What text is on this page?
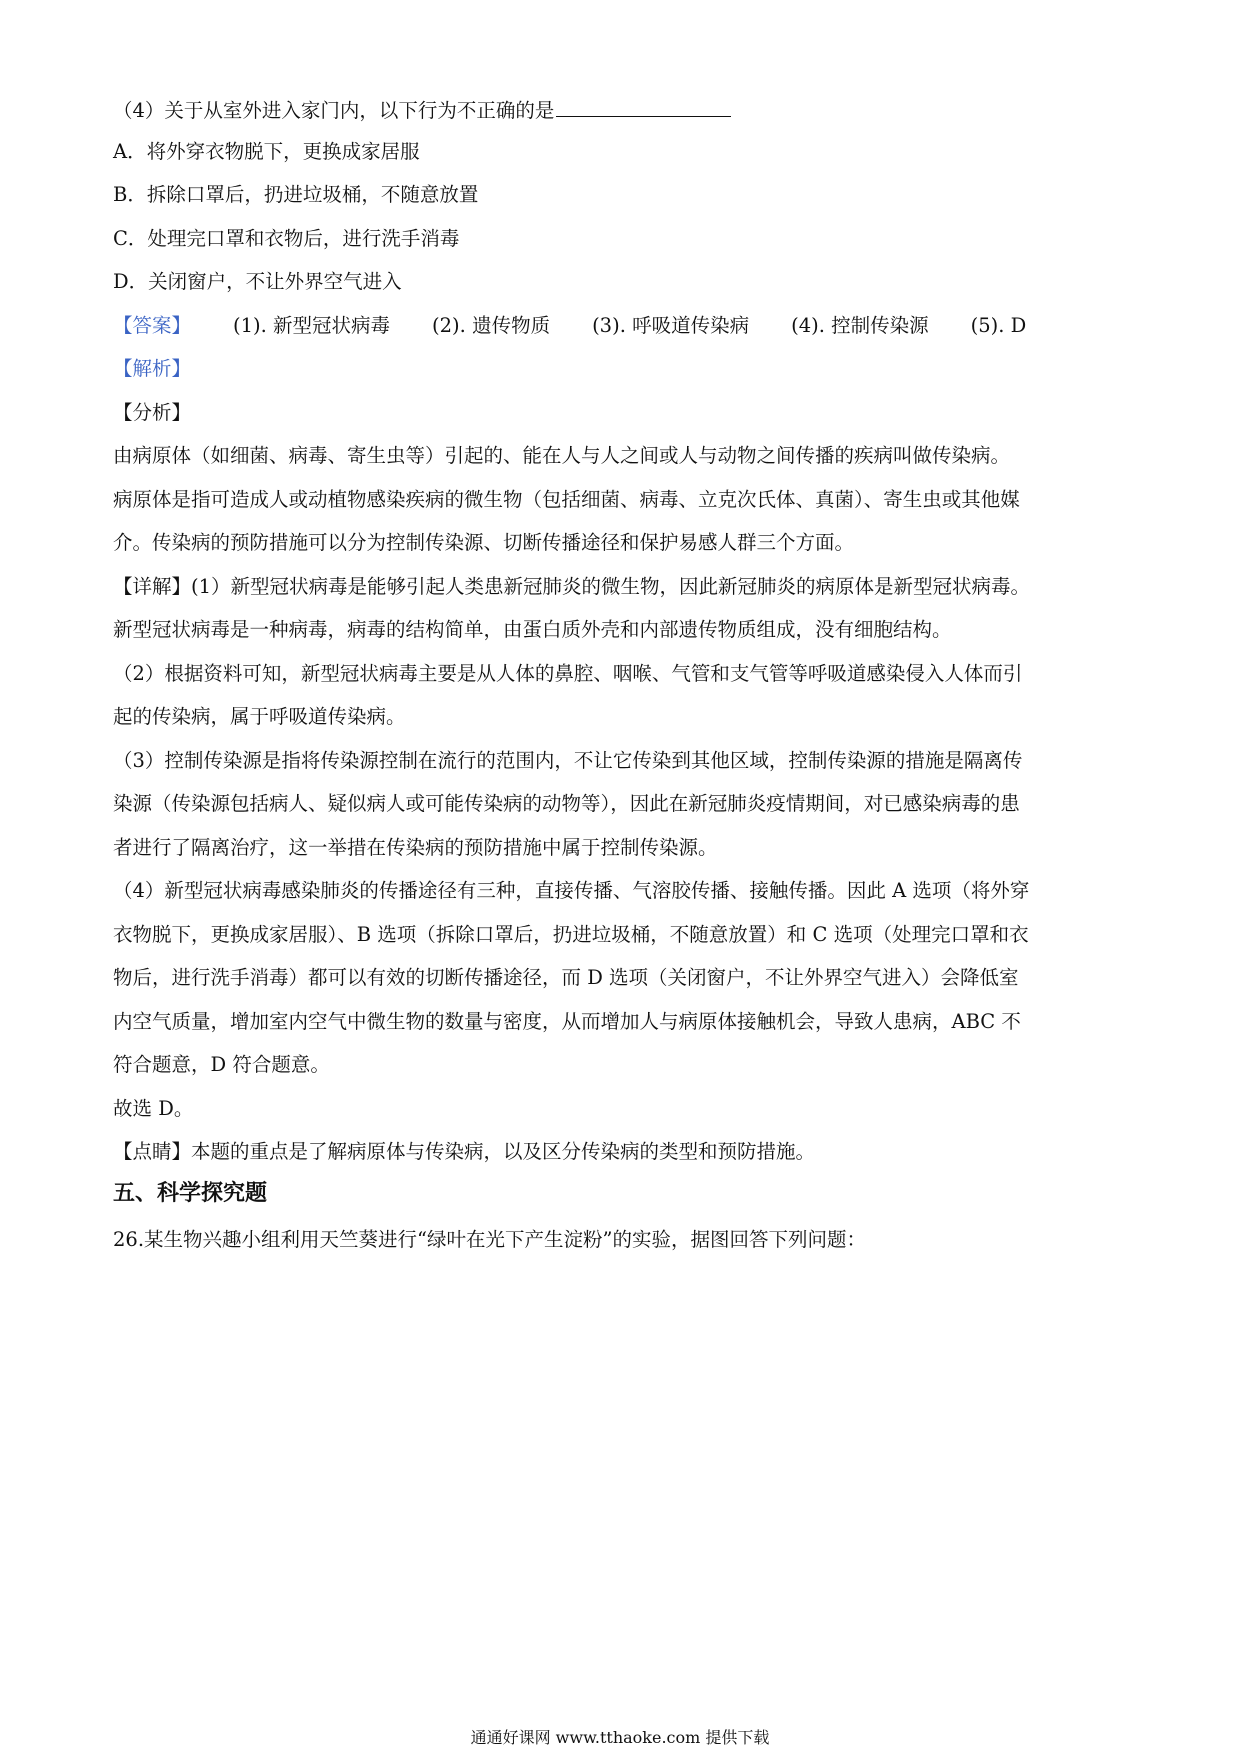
（4）关于从室外进入家门内，以下行为不正确的是

A．将外穿衣物脱下，更换成家居服

B．拆除口罩后，扔进垃圾桶，不随意放置

C．处理完口罩和衣物后，进行洗手消毒

D．关闭窗户，不让外界空气进入

【答案】 (1). 新型冠状病毒 (2). 遗传物质 (3). 呼吸道传染病 (4). 控制传染源 (5). D

【解析】

【分析】

由病原体（如细菌、病毒、寄生虫等）引起的、能在人与人之间或人与动物之间传播的疾病叫做传染病。

病原体是指可造成人或动植物感染疾病的微生物（包括细菌、病毒、立克次氏体、真菌）、寄生虫或其他媒

介。传染病的预防措施可以分为控制传染源、切断传播途径和保护易感人群三个方面。

【详解】(1）新型冠状病毒是能够引起人类患新冠肺炎的微生物，因此新冠肺炎的病原体是新型冠状病毒。

新型冠状病毒是一种病毒，病毒的结构简单，由蛋白质外壳和内部遗传物质组成，没有细胞结构。

（2）根据资料可知，新型冠状病毒主要是从人体的鼻腔、咽喉、气管和支气管等呼吸道感染侵入人体而引

起的传染病，属于呼吸道传染病。

（3）控制传染源是指将传染源控制在流行的范围内，不让它传染到其他区域，控制传染源的措施是隔离传

染源（传染源包括病人、疑似病人或可能传染病的动物等），因此在新冠肺炎疫情期间，对已感染病毒的患

者进行了隔离治疗，这一举措在传染病的预防措施中属于控制传染源。

（4）新型冠状病毒感染肺炎的传播途径有三种，直接传播、气溶胶传播、接触传播。因此 A 选项（将外穿

衣物脱下，更换成家居服）、B 选项（拆除口罩后，扔进垃圾桶，不随意放置）和 C 选项（处理完口罩和衣

物后，进行洗手消毒）都可以有效的切断传播途径，而 D 选项（关闭窗户，不让外界空气进入）会降低室

内空气质量，增加室内空气中微生物的数量与密度，从而增加人与病原体接触机会，导致人患病，ABC 不

符合题意，D 符合题意。

故选 D。

【点睛】本题的重点是了解病原体与传染病，以及区分传染病的类型和预防措施。

五、科学探究题

26.某生物兴趣小组利用天竺葵进行“绿叶在光下产生淀粉”的实验，据图回答下列问题：

通通好课网 www.tthaoke.com 提供下载
